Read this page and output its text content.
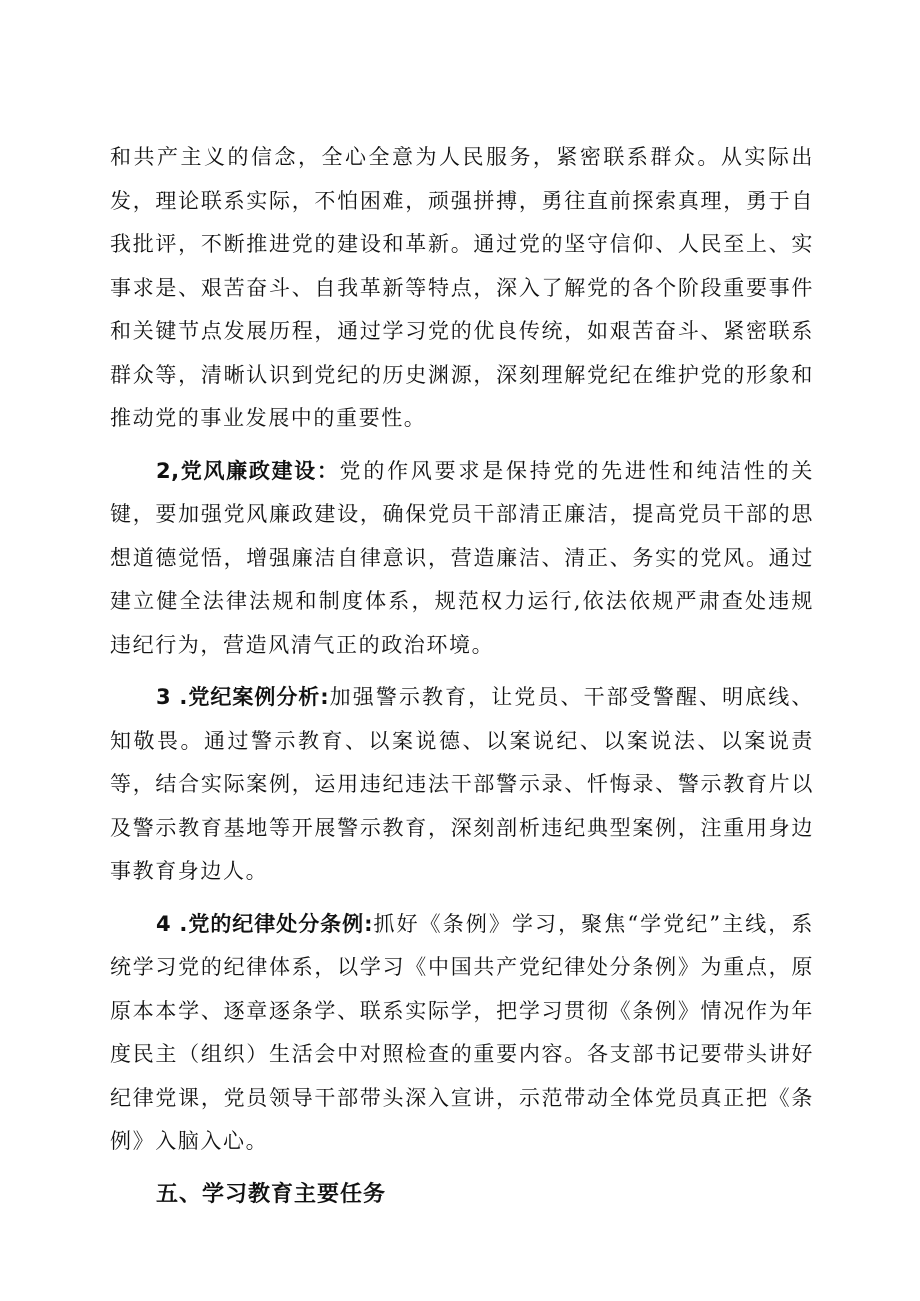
和共产主义的信念，全心全意为人民服务，紧密联系群众。从实际出发，理论联系实际，不怕困难，顽强拼搏，勇往直前探索真理，勇于自我批评，不断推进党的建设和革新。通过党的坚守信仰、人民至上、实事求是、艰苦奋斗、自我革新等特点，深入了解党的各个阶段重要事件和关键节点发展历程，通过学习党的优良传统，如艰苦奋斗、紧密联系群众等，清晰认识到党纪的历史渊源，深刻理解党纪在维护党的形象和推动党的事业发展中的重要性。

2,党风廉政建设：党的作风要求是保持党的先进性和纯洁性的关键，要加强党风廉政建设，确保党员干部清正廉洁，提高党员干部的思想道德觉悟，增强廉洁自律意识，营造廉洁、清正、务实的党风。通过建立健全法律法规和制度体系，规范权力运行,依法依规严肃查处违规违纪行为，营造风清气正的政治环境。

3 .党纪案例分析:加强警示教育，让党员、干部受警醒、明底线、知敬畏。通过警示教育、以案说德、以案说纪、以案说法、以案说责等，结合实际案例，运用违纪违法干部警示录、忏悔录、警示教育片以及警示教育基地等开展警示教育，深刻剖析违纪典型案例，注重用身边事教育身边人。

4 .党的纪律处分条例:抓好《条例》学习，聚焦“学党纪”主线，系统学习党的纪律体系，以学习《中国共产党纪律处分条例》为重点，原原本本学、逐章逐条学、联系实际学，把学习贯彻《条例》情况作为年度民主（组织）生活会中对照检查的重要内容。各支部书记要带头讲好纪律党课，党员领导干部带头深入宣讲，示范带动全体党员真正把《条例》入脑入心。

五、学习教育主要任务
